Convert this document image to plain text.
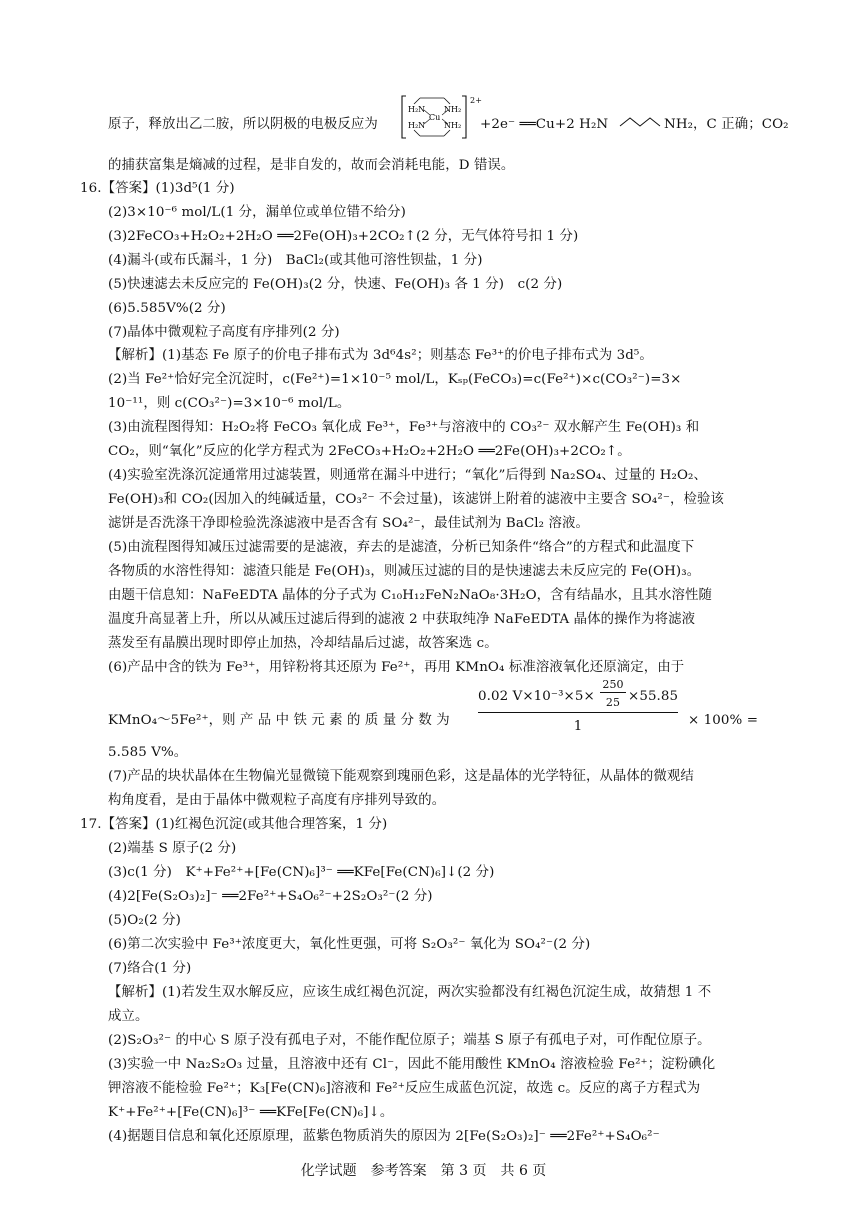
原子，释放出乙二胺，所以阴极的电极反应为
H₂N
H₂N
Cu
NH₂
NH₂
2+
+2e⁻ ══Cu+2 H₂N	NH₂，C 正确；CO₂
的捕获富集是熵减的过程，是非自发的，故而会消耗电能，D 错误。
16.【答案】(1)3d⁵(1 分)
(2)3×10⁻⁶ mol/L(1 分，漏单位或单位错不给分)
(3)2FeCO₃+H₂O₂+2H₂O ══2Fe(OH)₃+2CO₂↑(2 分，无气体符号扣 1 分)
(4)漏斗(或布氏漏斗，1 分)　BaCl₂(或其他可溶性钡盐，1 分)
(5)快速滤去未反应完的 Fe(OH)₃(2 分，快速、Fe(OH)₃ 各 1 分)　c(2 分)
(6)5.585V%(2 分)
(7)晶体中微观粒子高度有序排列(2 分)
【解析】(1)基态 Fe 原子的价电子排布式为 3d⁶4s²；则基态 Fe³⁺的价电子排布式为 3d⁵。
(2)当 Fe²⁺恰好完全沉淀时，c(Fe²⁺)=1×10⁻⁵ mol/L，Kₛₚ(FeCO₃)=c(Fe²⁺)×c(CO₃²⁻)=3×
10⁻¹¹，则 c(CO₃²⁻)=3×10⁻⁶ mol/L。
(3)由流程图得知：H₂O₂将 FeCO₃ 氧化成 Fe³⁺，Fe³⁺与溶液中的 CO₃²⁻ 双水解产生 Fe(OH)₃ 和
CO₂，则“氧化”反应的化学方程式为 2FeCO₃+H₂O₂+2H₂O ══2Fe(OH)₃+2CO₂↑。
(4)实验室洗涤沉淀通常用过滤装置，则通常在漏斗中进行；“氧化”后得到 Na₂SO₄、过量的 H₂O₂、
Fe(OH)₃和 CO₂(因加入的纯碱适量，CO₃²⁻ 不会过量)，该滤饼上附着的滤液中主要含 SO₄²⁻，检验该
滤饼是否洗涤干净即检验洗涤滤液中是否含有 SO₄²⁻，最佳试剂为 BaCl₂ 溶液。
(5)由流程图得知减压过滤需要的是滤液，弃去的是滤渣，分析已知条件“络合”的方程式和此温度下
各物质的水溶性得知：滤渣只能是 Fe(OH)₃，则减压过滤的目的是快速滤去未反应完的 Fe(OH)₃。
由题干信息知：NaFeEDTA 晶体的分子式为 C₁₀H₁₂FeN₂NaO₈·3H₂O，含有结晶水，且其水溶性随
温度升高显著上升，所以从减压过滤后得到的滤液 2 中获取纯净 NaFeEDTA 晶体的操作为将滤液
蒸发至有晶膜出现时即停止加热，冷却结晶后过滤，故答案选 c。
(6)产品中含的铁为 Fe³⁺，用锌粉将其还原为 Fe²⁺，再用 KMnO₄ 标准溶液氧化还原滴定，由于
KMnO₄～5Fe²⁺，则 产 品 中 铁 元 素 的 质 量 分 数 为
0.02 V×10⁻³×5×
250
25 ×55.85
1	× 100% =
5.585 V%。
(7)产品的块状晶体在生物偏光显微镜下能观察到瑰丽色彩，这是晶体的光学特征，从晶体的微观结
构角度看，是由于晶体中微观粒子高度有序排列导致的。
17.【答案】(1)红褐色沉淀(或其他合理答案，1 分)
(2)端基 S 原子(2 分)
(3)c(1 分)　K⁺+Fe²⁺+[Fe(CN)₆]³⁻ ══KFe[Fe(CN)₆]↓(2 分)
(4)2[Fe(S₂O₃)₂]⁻ ══2Fe²⁺+S₄O₆²⁻+2S₂O₃²⁻(2 分)
(5)O₂(2 分)
(6)第二次实验中 Fe³⁺浓度更大，氧化性更强，可将 S₂O₃²⁻ 氧化为 SO₄²⁻(2 分)
(7)络合(1 分)
【解析】(1)若发生双水解反应，应该生成红褐色沉淀，两次实验都没有红褐色沉淀生成，故猜想 1 不
成立。
(2)S₂O₃²⁻ 的中心 S 原子没有孤电子对，不能作配位原子；端基 S 原子有孤电子对，可作配位原子。
(3)实验一中 Na₂S₂O₃ 过量，且溶液中还有 Cl⁻，因此不能用酸性 KMnO₄ 溶液检验 Fe²⁺；淀粉碘化
钾溶液不能检验 Fe²⁺；K₃[Fe(CN)₆]溶液和 Fe²⁺反应生成蓝色沉淀，故选 c。反应的离子方程式为
K⁺+Fe²⁺+[Fe(CN)₆]³⁻ ══KFe[Fe(CN)₆]↓。
(4)据题目信息和氧化还原原理，蓝紫色物质消失的原因为 2[Fe(S₂O₃)₂]⁻ ══2Fe²⁺+S₄O₆²⁻
化学试题　参考答案　第 3 页　共 6 页
